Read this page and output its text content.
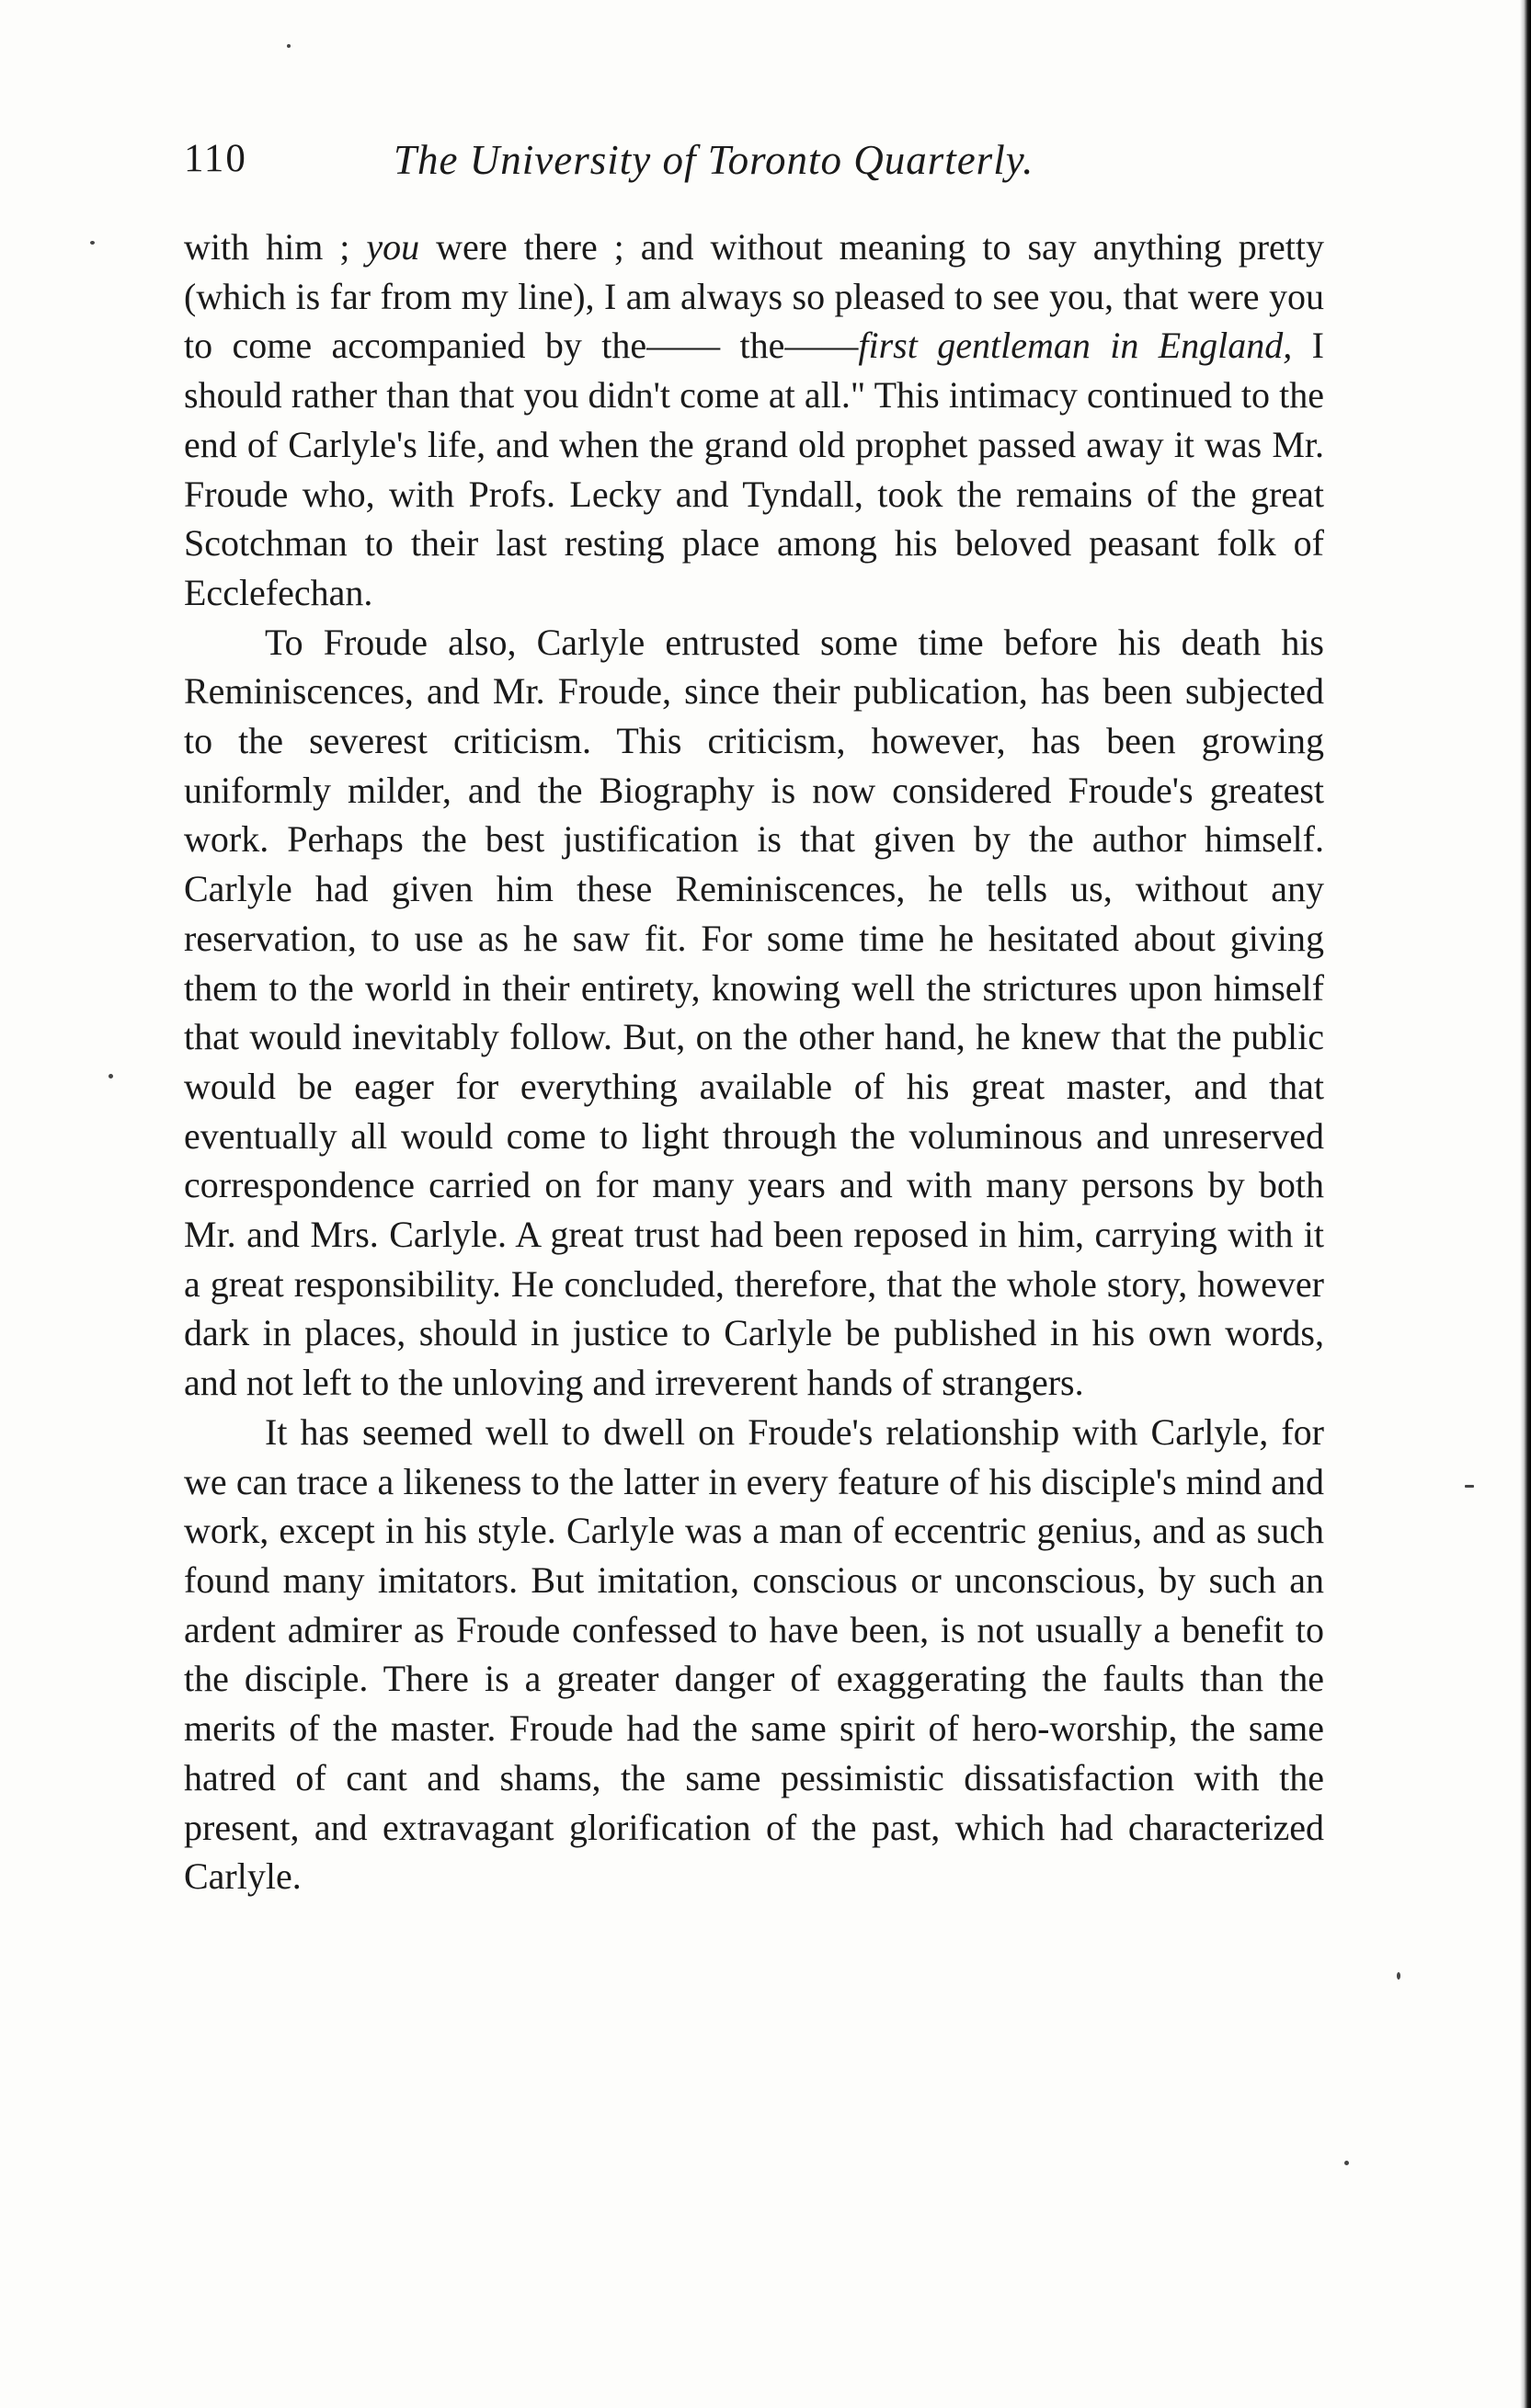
110	The University of Toronto Quarterly.

with him ; you were there ; and without meaning to say anything pretty (which is far from my line), I am always so pleased to see you, that were you to come accompanied by the—— the——first gentleman in England, I should rather than that you didn't come at all." This intimacy continued to the end of Carlyle's life, and when the grand old prophet passed away it was Mr. Froude who, with Profs. Lecky and Tyndall, took the remains of the great Scotchman to their last resting place among his beloved peasant folk of Ecclefechan.

To Froude also, Carlyle entrusted some time before his death his Reminiscences, and Mr. Froude, since their publication, has been subjected to the severest criticism. This criticism, however, has been growing uniformly milder, and the Biography is now considered Froude's greatest work. Perhaps the best justification is that given by the author himself. Carlyle had given him these Reminiscences, he tells us, without any reservation, to use as he saw fit. For some time he hesitated about giving them to the world in their entirety, knowing well the strictures upon himself that would inevitably follow. But, on the other hand, he knew that the public would be eager for everything available of his great master, and that eventually all would come to light through the voluminous and unreserved correspondence carried on for many years and with many persons by both Mr. and Mrs. Carlyle. A great trust had been reposed in him, carrying with it a great responsibility. He concluded, therefore, that the whole story, however dark in places, should in justice to Carlyle be published in his own words, and not left to the unloving and irreverent hands of strangers.

It has seemed well to dwell on Froude's relationship with Carlyle, for we can trace a likeness to the latter in every feature of his disciple's mind and work, except in his style. Carlyle was a man of eccentric genius, and as such found many imitators. But imitation, conscious or unconscious, by such an ardent admirer as Froude confessed to have been, is not usually a benefit to the disciple. There is a greater danger of exaggerating the faults than the merits of the master. Froude had the same spirit of hero-worship, the same hatred of cant and shams, the same pessimistic dissatisfaction with the present, and extravagant glorification of the past, which had characterized Carlyle.
